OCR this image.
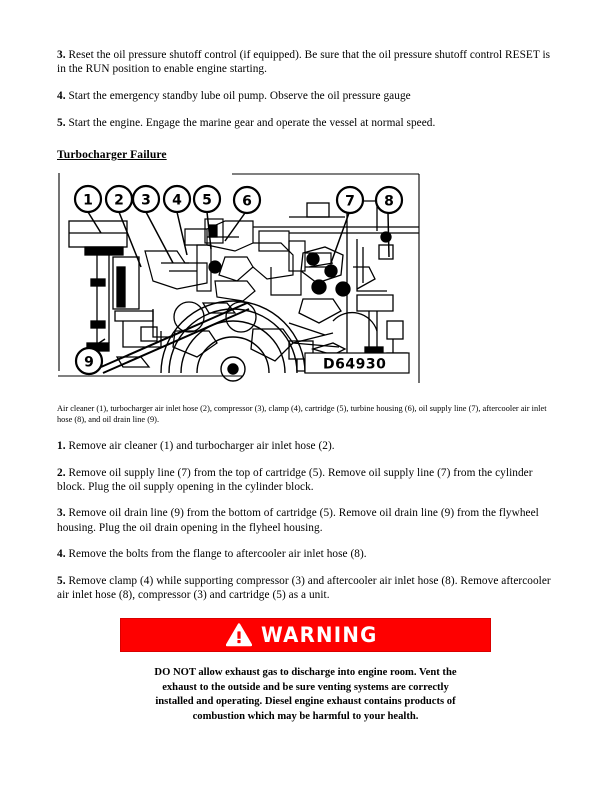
3. Reset the oil pressure shutoff control (if equipped). Be sure that the oil pressure shutoff control RESET is in the RUN position to enable engine starting.

4. Start the emergency standby lube oil pump. Observe the oil pressure gauge

5. Start the engine. Engage the marine gear and operate the vessel at normal speed.

Turbocharger Failure
D64930
1 2 3 4 5 6	7 8
9
Air cleaner (1), turbocharger air inlet hose (2), compressor (3), clamp (4), cartridge (5), turbine housing (6), oil supply line (7), aftercooler air inlet hose (8), and oil drain line (9).

1. Remove air cleaner (1) and turbocharger air inlet hose (2).

2. Remove oil supply line (7) from the top of cartridge (5). Remove oil supply line (7) from the cylinder block. Plug the oil supply opening in the cylinder block.

3. Remove oil drain line (9) from the bottom of cartridge (5). Remove oil drain line (9) from the flywheel housing. Plug the oil drain opening in the flyheel housing.

4. Remove the bolts from the flange to aftercooler air inlet hose (8).

5. Remove clamp (4) while supporting compressor (3) and aftercooler air inlet hose (8). Remove aftercooler air inlet hose (8), compressor (3) and cartridge (5) as a unit.

WARNING
DO NOT allow exhaust gas to discharge into engine room. Vent the
exhaust to the outside and be sure venting systems are correctly
installed and operating. Diesel engine exhaust contains products of
combustion which may be harmful to your health.
